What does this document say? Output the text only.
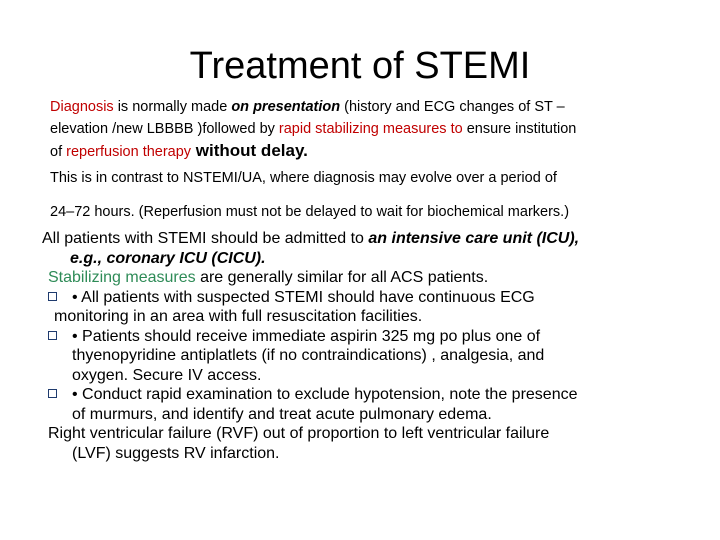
Treatment of STEMI

Diagnosis is normally made on presentation (history and ECG changes of ST –

elevation /new LBBBB )followed by rapid stabilizing measures to ensure institution

of reperfusion therapy without delay.

This is in contrast to NSTEMI/UA, where diagnosis may evolve over a period of

24–72 hours. (Reperfusion must not be delayed to wait for biochemical markers.)

All patients with STEMI should be admitted to an intensive care unit (ICU),

e.g., coronary ICU (CICU).

Stabilizing measures are generally similar for all ACS patients.

• All patients with suspected STEMI should have continuous ECG

monitoring in an area with full resuscitation facilities.

• Patients should receive immediate aspirin 325 mg po plus one of

thyenopyridine antiplatlets (if no contraindications) , analgesia, and

oxygen. Secure IV access.

• Conduct rapid examination to exclude hypotension, note the presence

of murmurs, and identify and treat acute pulmonary edema.

Right ventricular failure (RVF) out of proportion to left ventricular failure

(LVF) suggests RV infarction.
